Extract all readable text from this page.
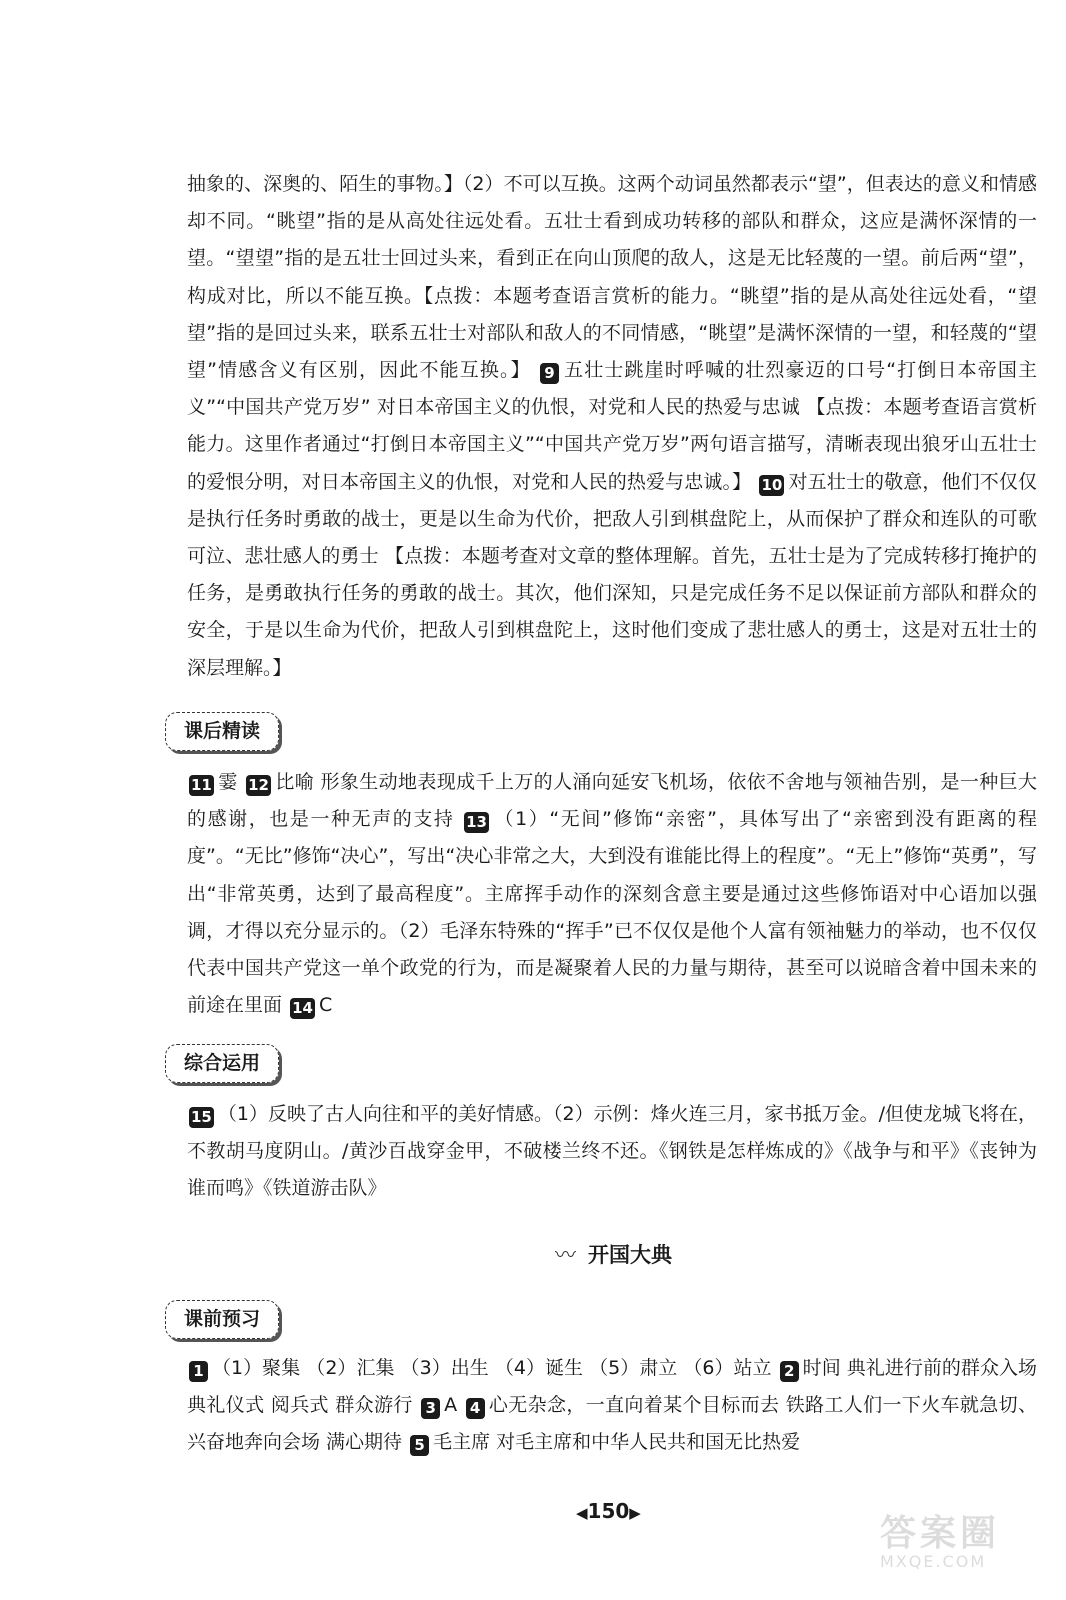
抽象的、深奥的、陌生的事物。】（2）不可以互换。这两个动词虽然都表示“望”，但表达的意义和情感却不同。“眺望”指的是从高处往远处看。五壮士看到成功转移的部队和群众，这应是满怀深情的一望。“望望”指的是五壮士回过头来，看到正在向山顶爬的敌人，这是无比轻蔑的一望。前后两“望”，构成对比，所以不能互换。【点拨：本题考查语言赏析的能力。“眺望”指的是从高处往远处看，“望望”指的是回过头来，联系五壮士对部队和敌人的不同情感，“眺望”是满怀深情的一望，和轻蔑的“望望”情感含义有区别，因此不能互换。】 9 五壮士跳崖时呼喊的壮烈豪迈的口号“打倒日本帝国主义”“中国共产党万岁” 对日本帝国主义的仇恨，对党和人民的热爱与忠诚 【点拨：本题考查语言赏析能力。这里作者通过“打倒日本帝国主义”“中国共产党万岁”两句语言描写，清晰表现出狼牙山五壮士的爱恨分明，对日本帝国主义的仇恨，对党和人民的热爱与忠诚。】 10 对五壮士的敬意，他们不仅仅是执行任务时勇敢的战士，更是以生命为代价，把敌人引到棋盘陀上，从而保护了群众和连队的可歌可泣、悲壮感人的勇士 【点拨：本题考查对文章的整体理解。首先，五壮士是为了完成转移打掩护的任务，是勇敢执行任务的勇敢的战士。其次，他们深知，只是完成任务不足以保证前方部队和群众的安全，于是以生命为代价，把敌人引到棋盘陀上，这时他们变成了悲壮感人的勇士，这是对五壮士的深层理解。】

课后精读

11 霎 12 比喻 形象生动地表现成千上万的人涌向延安飞机场，依依不舍地与领袖告别，是一种巨大的感谢，也是一种无声的支持 13 （1）“无间”修饰“亲密”，具体写出了“亲密到没有距离的程度”。“无比”修饰“决心”，写出“决心非常之大，大到没有谁能比得上的程度”。“无上”修饰“英勇”，写出“非常英勇，达到了最高程度”。主席挥手动作的深刻含意主要是通过这些修饰语对中心语加以强调，才得以充分显示的。（2）毛泽东特殊的“挥手”已不仅仅是他个人富有领袖魅力的举动，也不仅仅代表中国共产党这一单个政党的行为，而是凝聚着人民的力量与期待，甚至可以说暗含着中国未来的前途在里面 14 C

综合运用

15 （1）反映了古人向往和平的美好情感。（2）示例：烽火连三月，家书抵万金。/但使龙城飞将在，不教胡马度阴山。/黄沙百战穿金甲，不破楼兰终不还。《钢铁是怎样炼成的》《战争与和平》《丧钟为谁而鸣》《铁道游击队》

〰 开国大典
课前预习

1 （1）聚集 （2）汇集 （3）出生 （4）诞生 （5）肃立 （6）站立 2 时间 典礼进行前的群众入场 典礼仪式 阅兵式 群众游行 3 A 4 心无杂念，一直向着某个目标而去 铁路工人们一下火车就急切、兴奋地奔向会场 满心期待 5 毛主席 对毛主席和中华人民共和国无比热爱

◀150▶	答案圈
MXQE.COM
